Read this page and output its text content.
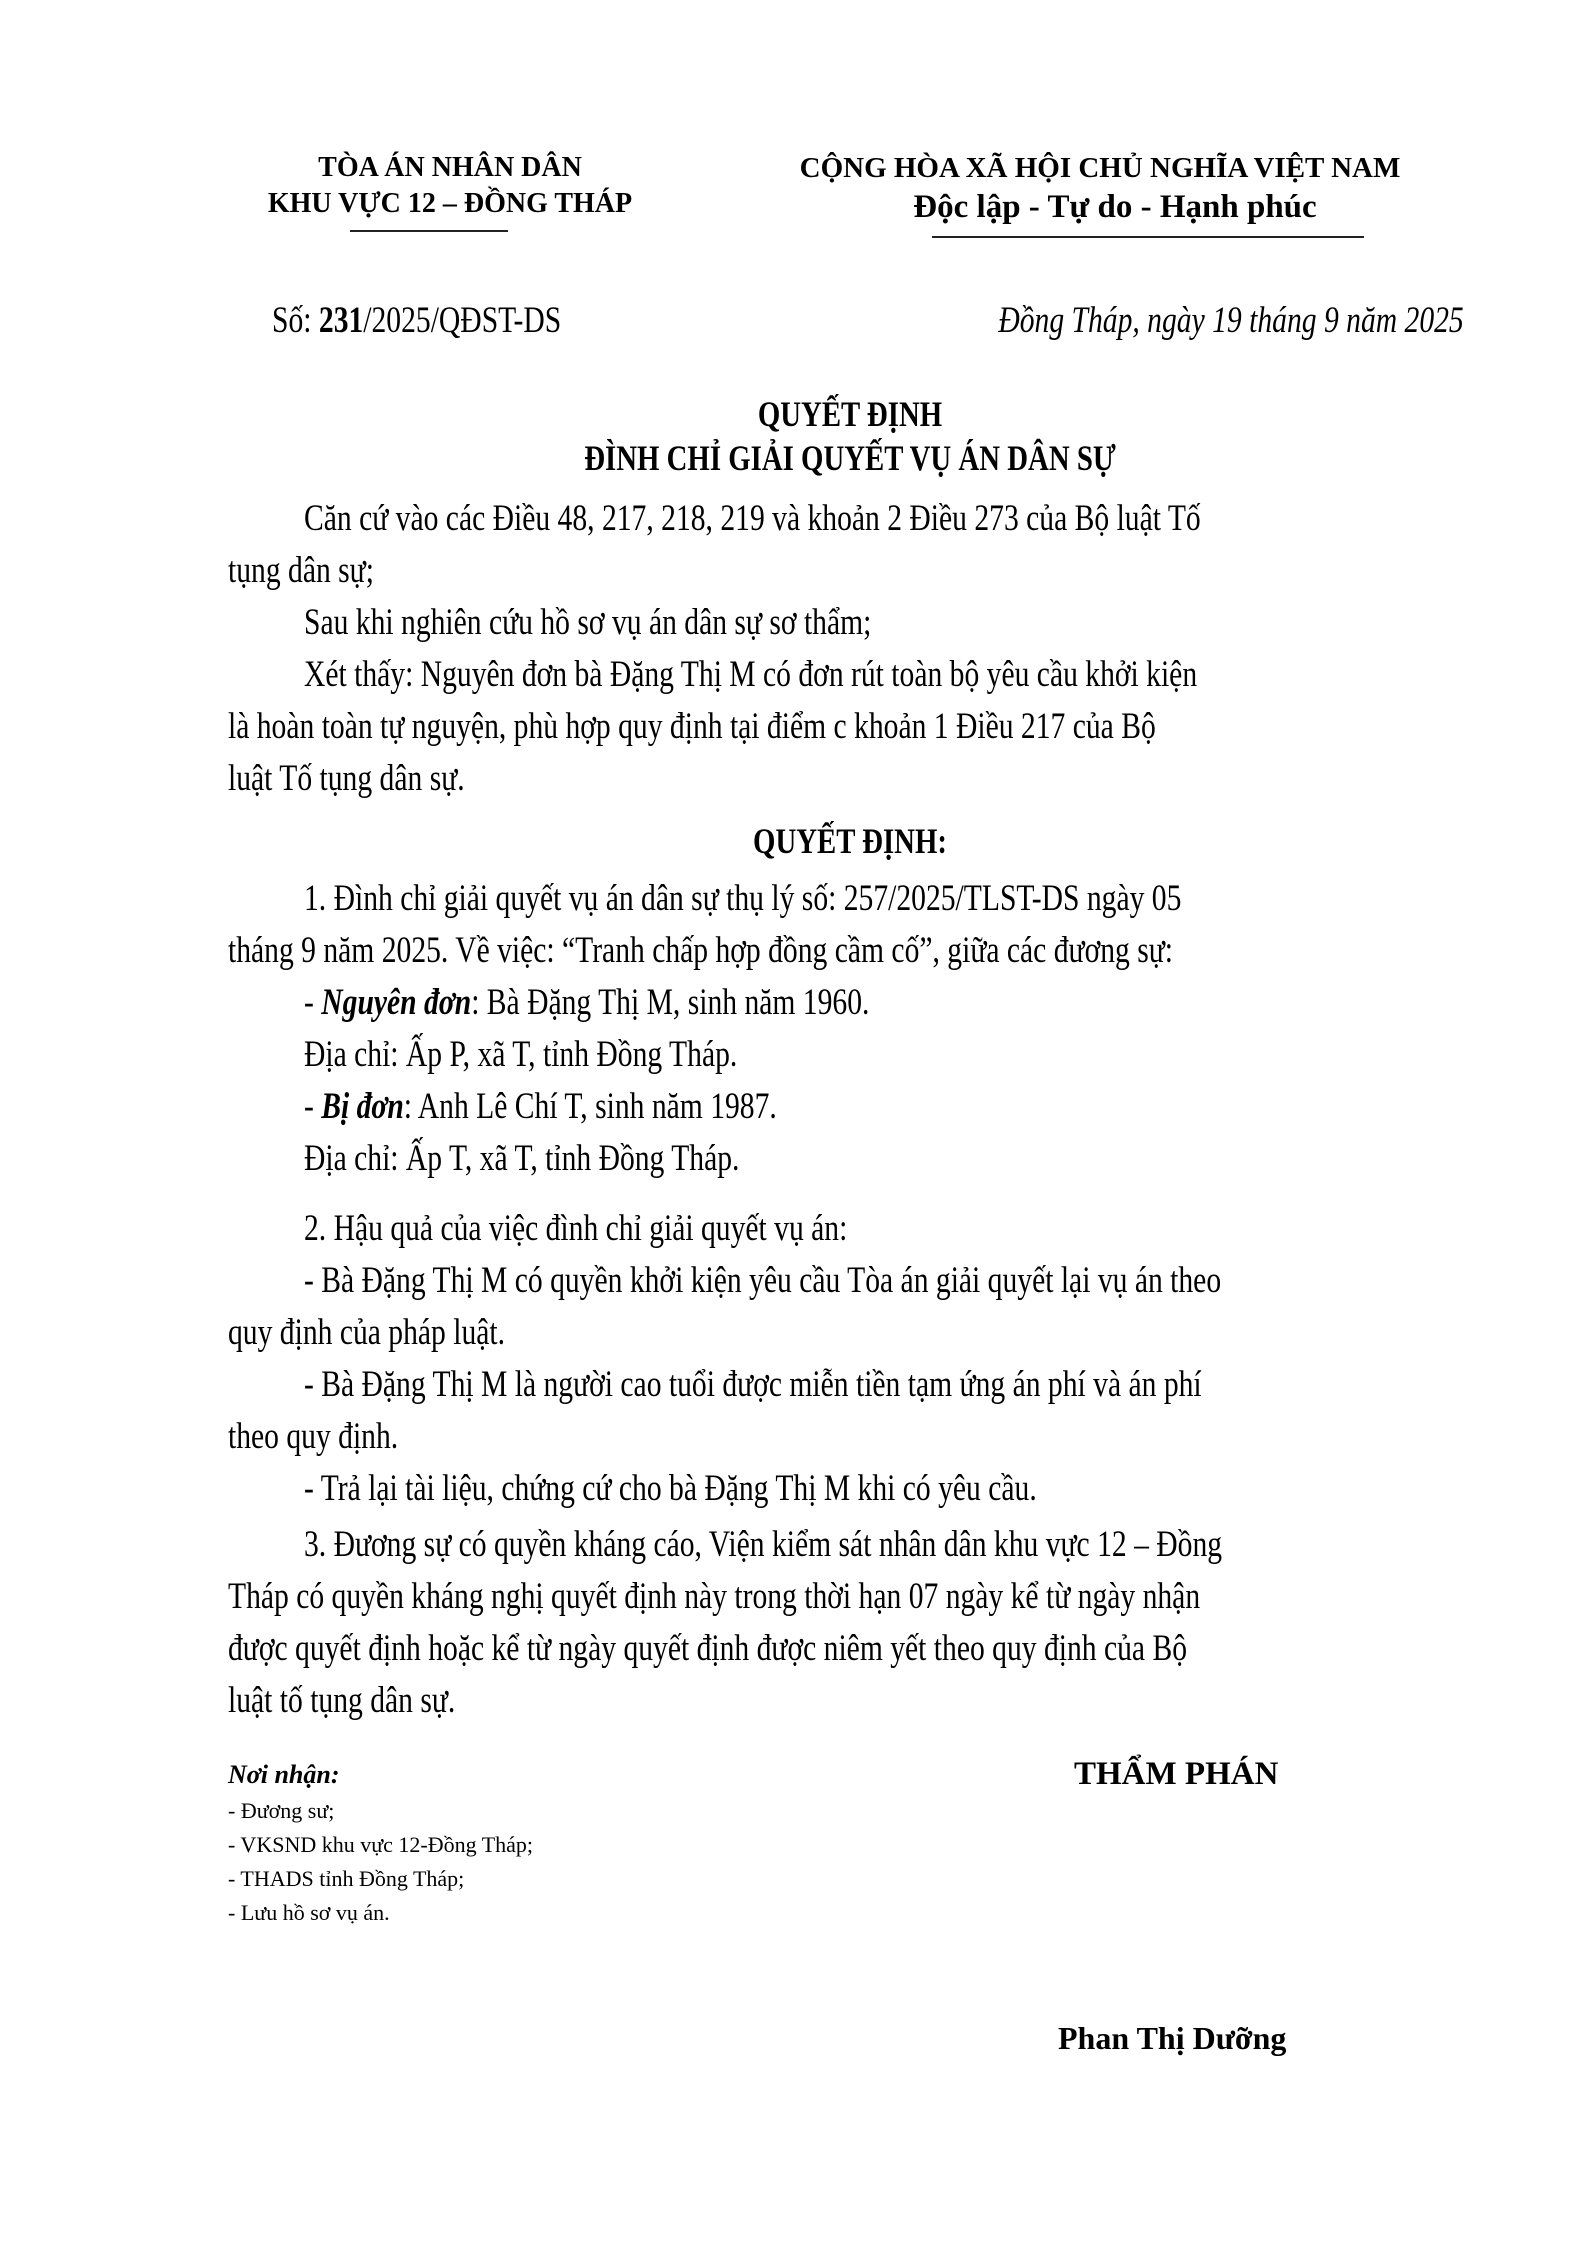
TÒA ÁN NHÂN DÂN
KHU VỰC 12 – ĐỒNG THÁP
CỘNG HÒA XÃ HỘI CHỦ NGHĨA VIỆT NAM
Độc lập - Tự do - Hạnh phúc
Số: 231/2025/QĐST-DS	Đồng Tháp, ngày 19 tháng 9 năm 2025
QUYẾT ĐỊNH
ĐÌNH CHỈ GIẢI QUYẾT VỤ ÁN DÂN SỰ
Căn cứ vào các Điều 48, 217, 218, 219 và khoản 2 Điều 273 của Bộ luật Tố
tụng dân sự;
Sau khi nghiên cứu hồ sơ vụ án dân sự sơ thẩm;
Xét thấy: Nguyên đơn bà Đặng Thị M có đơn rút toàn bộ yêu cầu khởi kiện
là hoàn toàn tự nguyện, phù hợp quy định tại điểm c khoản 1 Điều 217 của Bộ
luật Tố tụng dân sự.
QUYẾT ĐỊNH:
1. Đình chỉ giải quyết vụ án dân sự thụ lý số: 257/2025/TLST-DS ngày 05
tháng 9 năm 2025. Về việc: “Tranh chấp hợp đồng cầm cố”, giữa các đương sự:
- Nguyên đơn: Bà Đặng Thị M, sinh năm 1960.
Địa chỉ: Ấp P, xã T, tỉnh Đồng Tháp.
- Bị đơn: Anh Lê Chí T, sinh năm 1987.
Địa chỉ: Ấp T, xã T, tỉnh Đồng Tháp.
2. Hậu quả của việc đình chỉ giải quyết vụ án:
- Bà Đặng Thị M có quyền khởi kiện yêu cầu Tòa án giải quyết lại vụ án theo
quy định của pháp luật.
- Bà Đặng Thị M là người cao tuổi được miễn tiền tạm ứng án phí và án phí
theo quy định.
- Trả lại tài liệu, chứng cứ cho bà Đặng Thị M khi có yêu cầu.
3. Đương sự có quyền kháng cáo, Viện kiểm sát nhân dân khu vực 12 – Đồng
Tháp có quyền kháng nghị quyết định này trong thời hạn 07 ngày kể từ ngày nhận
được quyết định hoặc kể từ ngày quyết định được niêm yết theo quy định của Bộ
luật tố tụng dân sự.
Nơi nhận:
- Đương sư;
- VKSND khu vực 12-Đồng Tháp;
- THADS tỉnh Đồng Tháp;
- Lưu hồ sơ vụ án.
THẨM PHÁN
Phan Thị Dưỡng
